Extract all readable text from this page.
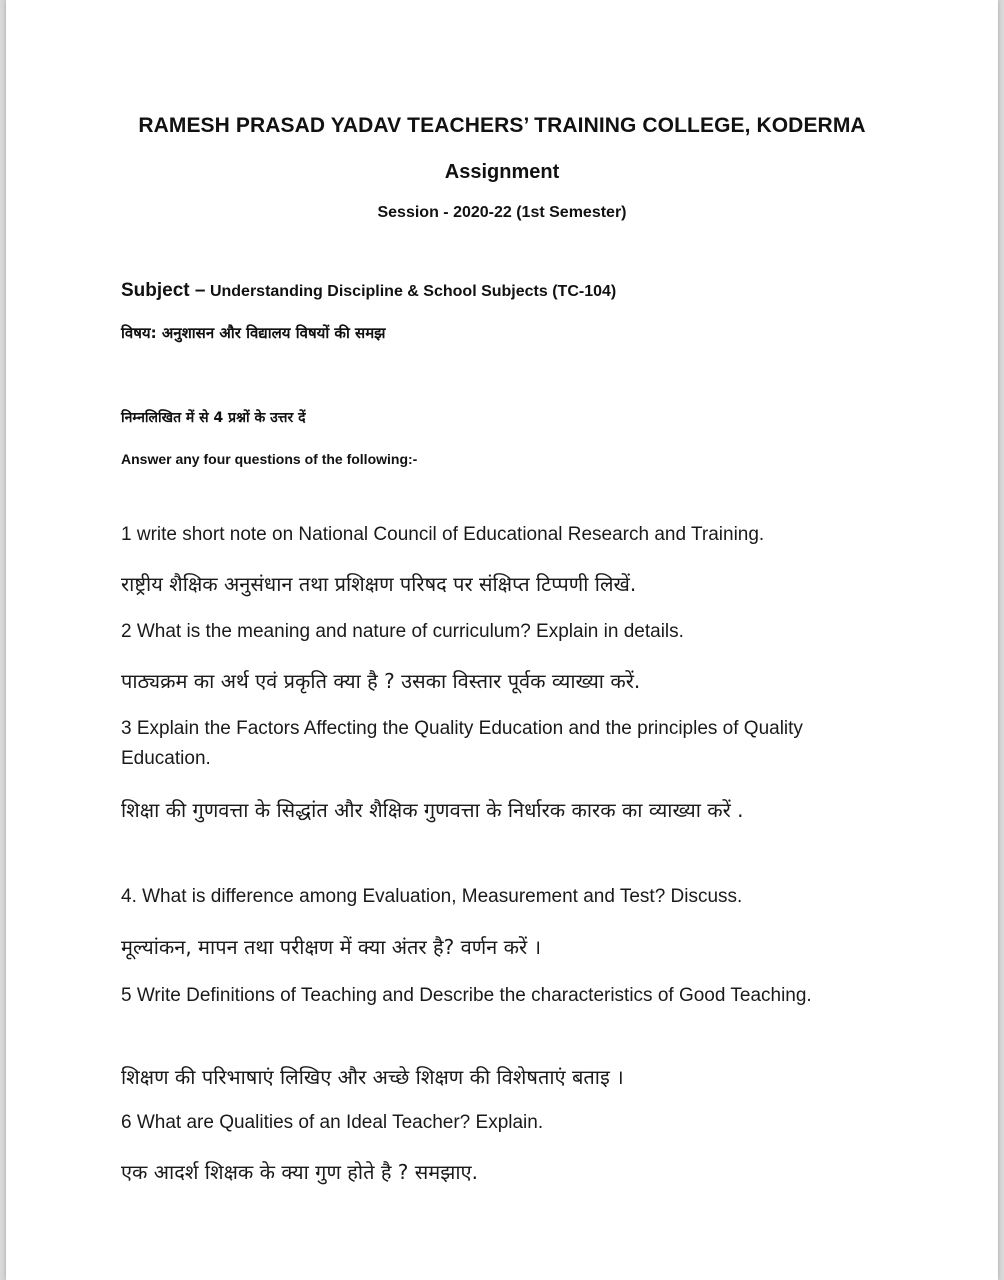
RAMESH PRASAD YADAV TEACHERS’ TRAINING COLLEGE, KODERMA
Assignment
Session - 2020-22 (1st Semester)
Subject – Understanding Discipline & School Subjects (TC-104)
विषय: अनुशासन और विद्यालय विषयों की समझ
निम्नलिखित में से 4 प्रश्नों के उत्तर दें
Answer any four questions of the following:-
1 write short note on National Council of Educational Research and Training.
राष्ट्रीय शैक्षिक अनुसंधान तथा प्रशिक्षण परिषद पर संक्षिप्त टिप्पणी लिखें.
2 What is the meaning and nature of curriculum? Explain in details.
पाठ्यक्रम का अर्थ एवं प्रकृति क्या है ? उसका विस्तार पूर्वक व्याख्या करें.
3 Explain the Factors Affecting the Quality Education and the principles of Quality Education.
शिक्षा की गुणवत्ता के सिद्धांत और शैक्षिक गुणवत्ता के निर्धारक कारक का व्याख्या करें .
4. What is difference among Evaluation, Measurement and Test? Discuss.
मूल्यांकन, मापन तथा परीक्षण में क्या अंतर है? वर्णन करें ।
5 Write Definitions of Teaching and Describe the characteristics of Good Teaching.
शिक्षण की परिभाषाएं लिखिए और अच्छे शिक्षण की विशेषताएं बताइ ।
6 What are Qualities of an Ideal Teacher? Explain.
एक आदर्श शिक्षक के क्या गुण होते है ? समझाए.
